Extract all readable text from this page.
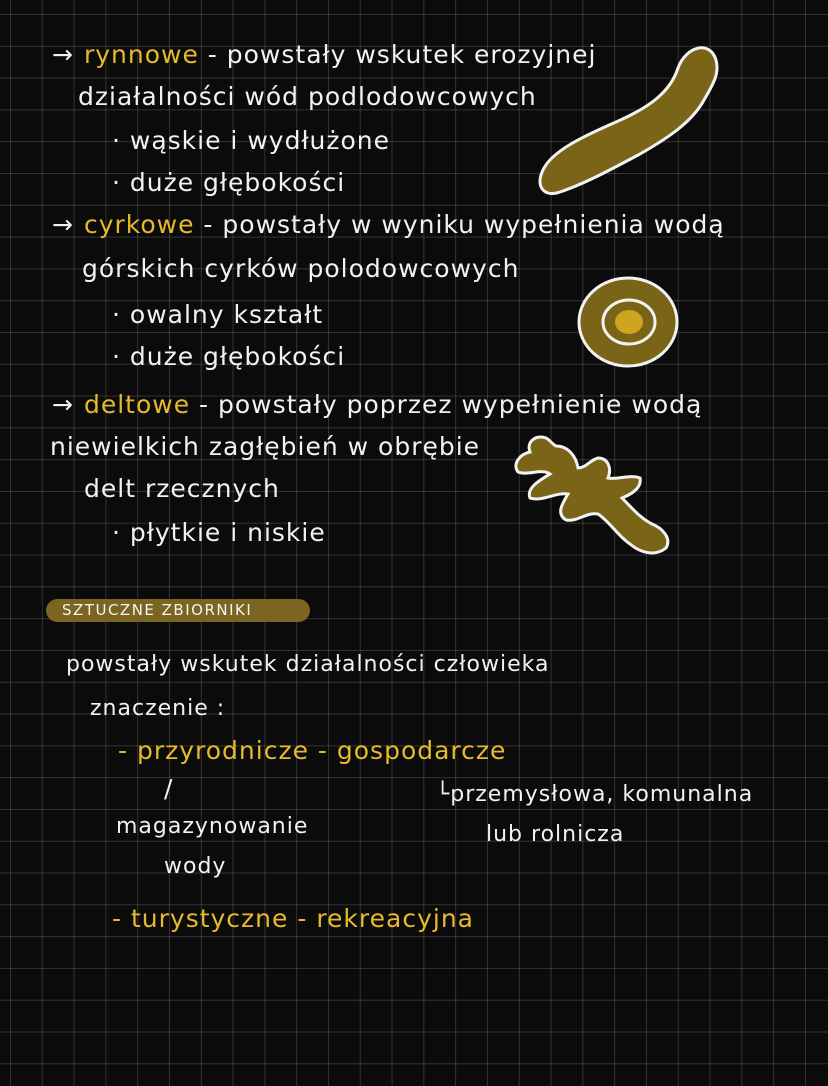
→ rynnowe - powstały wskutek erozyjnej
działalności wód podlodowcowych
· wąskie i wydłużone
· duże głębokości
→ cyrkowe - powstały w wyniku wypełnienia wodą
górskich cyrków polodowcowych
· owalny kształt
· duże głębokości
→ deltowe - powstały poprzez wypełnienie wodą
niewielkich zagłębień w obrębie
delt rzecznych
· płytkie i niskie
SZTUCZNE ZBIORNIKI
powstały wskutek działalności człowieka
znaczenie :
- przyrodnicze - gospodarcze
/	└przemysłowa, komunalna
lub rolnicza
magazynowanie
wody
- turystyczne - rekreacyjna
